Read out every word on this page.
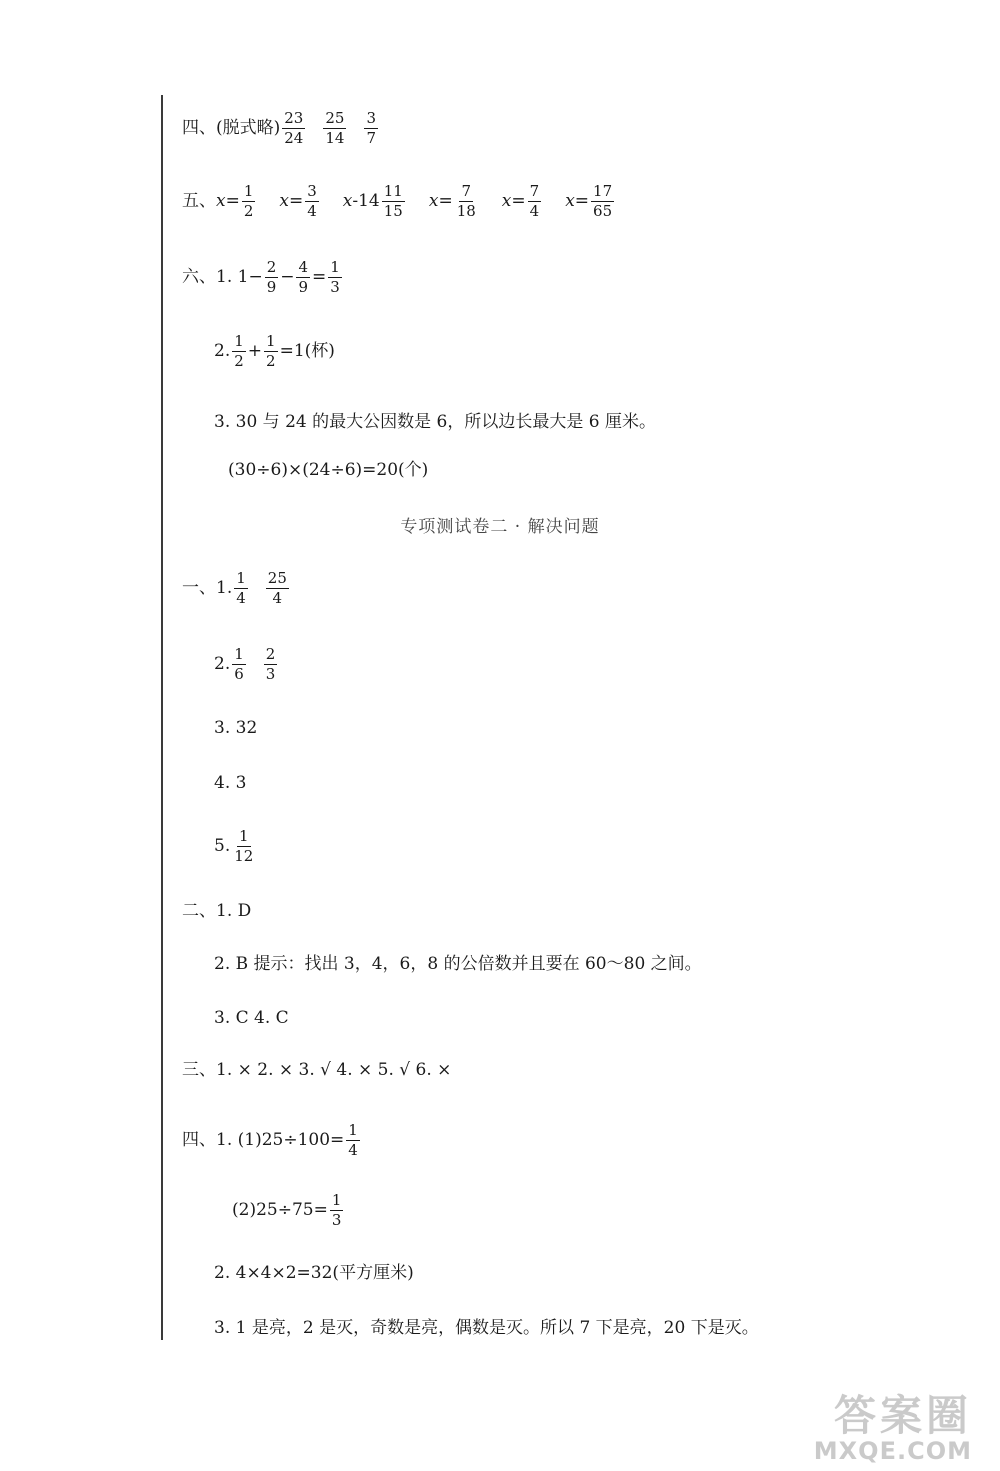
四、(脱式略) $\frac{23}{24} \frac{25}{14} \frac{3}{7}$
五、 $x = \frac{1}{2}$ $x = \frac{3}{4}$ x $-14 \frac{11}{15}$ $x = \frac{7}{18}$ $x = \frac{7}{4}$ $x = \frac{17}{65}$
六、1. $1- \frac{2}{9} - \frac{4}{9} = \frac{1}{3}$
2. $\frac{1}{2} + \frac{1}{2} =1$(杯)
3. 30 与 24 的最大公因数是 6，所以边长最大是 6 厘米。
(30÷6)×(24÷6)=20(个)
专项测试卷二 · 解决问题
一、1. $\frac{1}{4} \frac{25}{4}$
2. $\frac{1}{6} \frac{2}{3}$
3. 32
4. 3
5. $\frac{1}{12}$
二、1. D
2. B 提示：找出 3，4，6，8 的公倍数并且要在 60～80 之间。
3. C 4. C
三、1. × 2. × 3. √ 4. × 5. √ 6. ×
四、1. $(1)25\div 100= \frac{1}{4}$
$(2)25\div 75= \frac{1}{3}$
2. 4×4×2=32(平方厘米)
3. 1 是亮，2 是灭，奇数是亮，偶数是灭。所以 7 下是亮，20 下是灭。
答案圈
MXQE.COM
